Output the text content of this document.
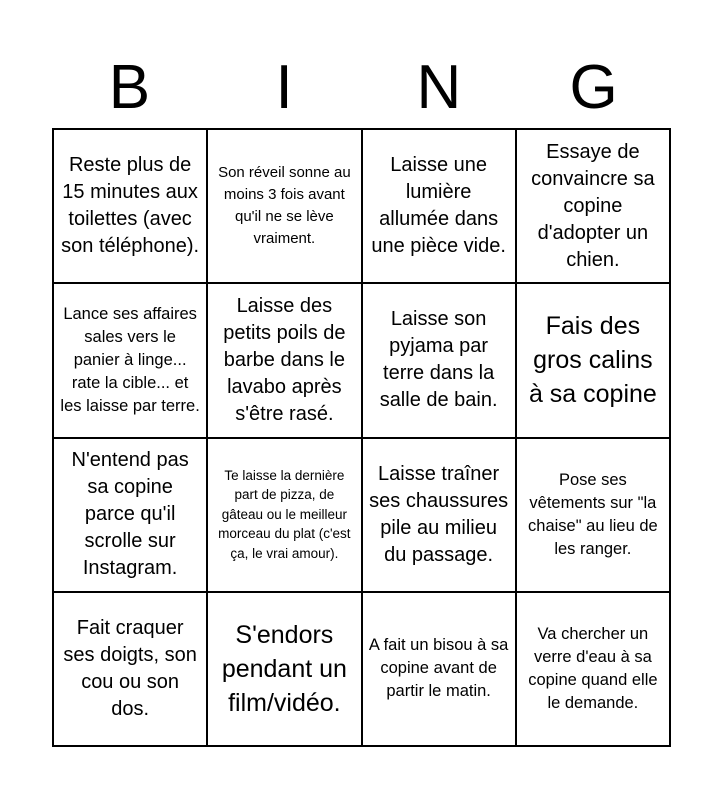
B	I	N	G
Reste plus de 15 minutes aux toilettes (avec son téléphone).
Son réveil sonne au moins 3 fois avant qu'il ne se lève vraiment.
Laisse une lumière allumée dans une pièce vide.
Essaye de convaincre sa copine d'adopter un chien.
Lance ses affaires sales vers le panier à linge... rate la cible... et les laisse par terre.
Laisse des petits poils de barbe dans le lavabo après s'être rasé.
Laisse son pyjama par terre dans la salle de bain.
Fais des gros calins à sa copine
N'entend pas sa copine parce qu'il scrolle sur Instagram.
Te laisse la dernière part de pizza, de gâteau ou le meilleur morceau du plat (c'est ça, le vrai amour).
Laisse traîner ses chaussures pile au milieu du passage.
Pose ses vêtements sur "la chaise" au lieu de les ranger.
Fait craquer ses doigts, son cou ou son dos.
S'endors pendant un film/vidéo.
A fait un bisou à sa copine avant de partir le matin.
Va chercher un verre d'eau à sa copine quand elle le demande.
